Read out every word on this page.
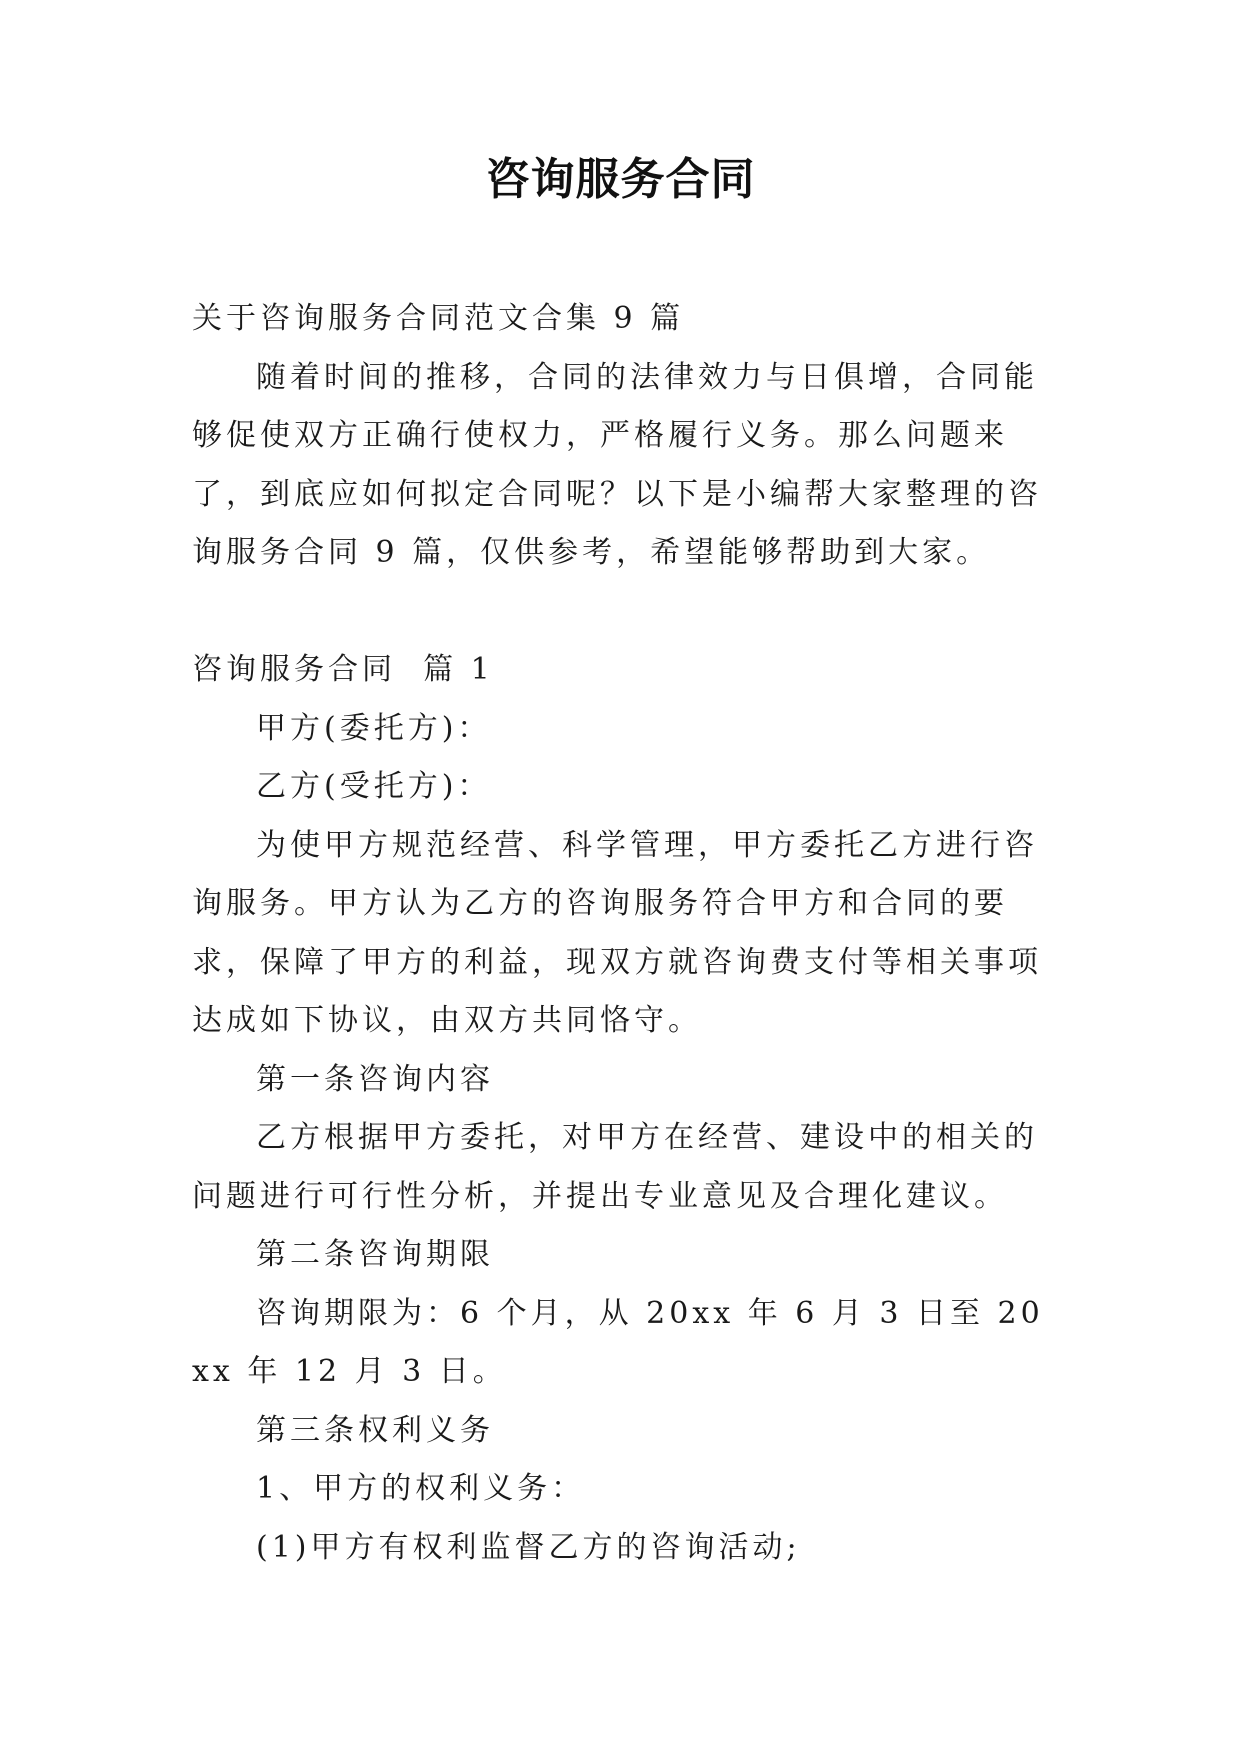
咨询服务合同

关于咨询服务合同范文合集 9 篇

随着时间的推移，合同的法律效力与日俱增，合同能够促使双方正确行使权力，严格履行义务。那么问题来了，到底应如何拟定合同呢？以下是小编帮大家整理的咨询服务合同 9 篇，仅供参考，希望能够帮助到大家。

咨询服务合同  篇 1

甲方(委托方)：

乙方(受托方)：

为使甲方规范经营、科学管理，甲方委托乙方进行咨询服务。甲方认为乙方的咨询服务符合甲方和合同的要求，保障了甲方的利益，现双方就咨询费支付等相关事项达成如下协议，由双方共同恪守。

第一条咨询内容

乙方根据甲方委托，对甲方在经营、建设中的相关的问题进行可行性分析，并提出专业意见及合理化建议。

第二条咨询期限

咨询期限为：6 个月，从 20xx 年 6 月 3 日至 20xx 年 12 月 3 日。

第三条权利义务

1、甲方的权利义务：

(1)甲方有权利监督乙方的咨询活动;
